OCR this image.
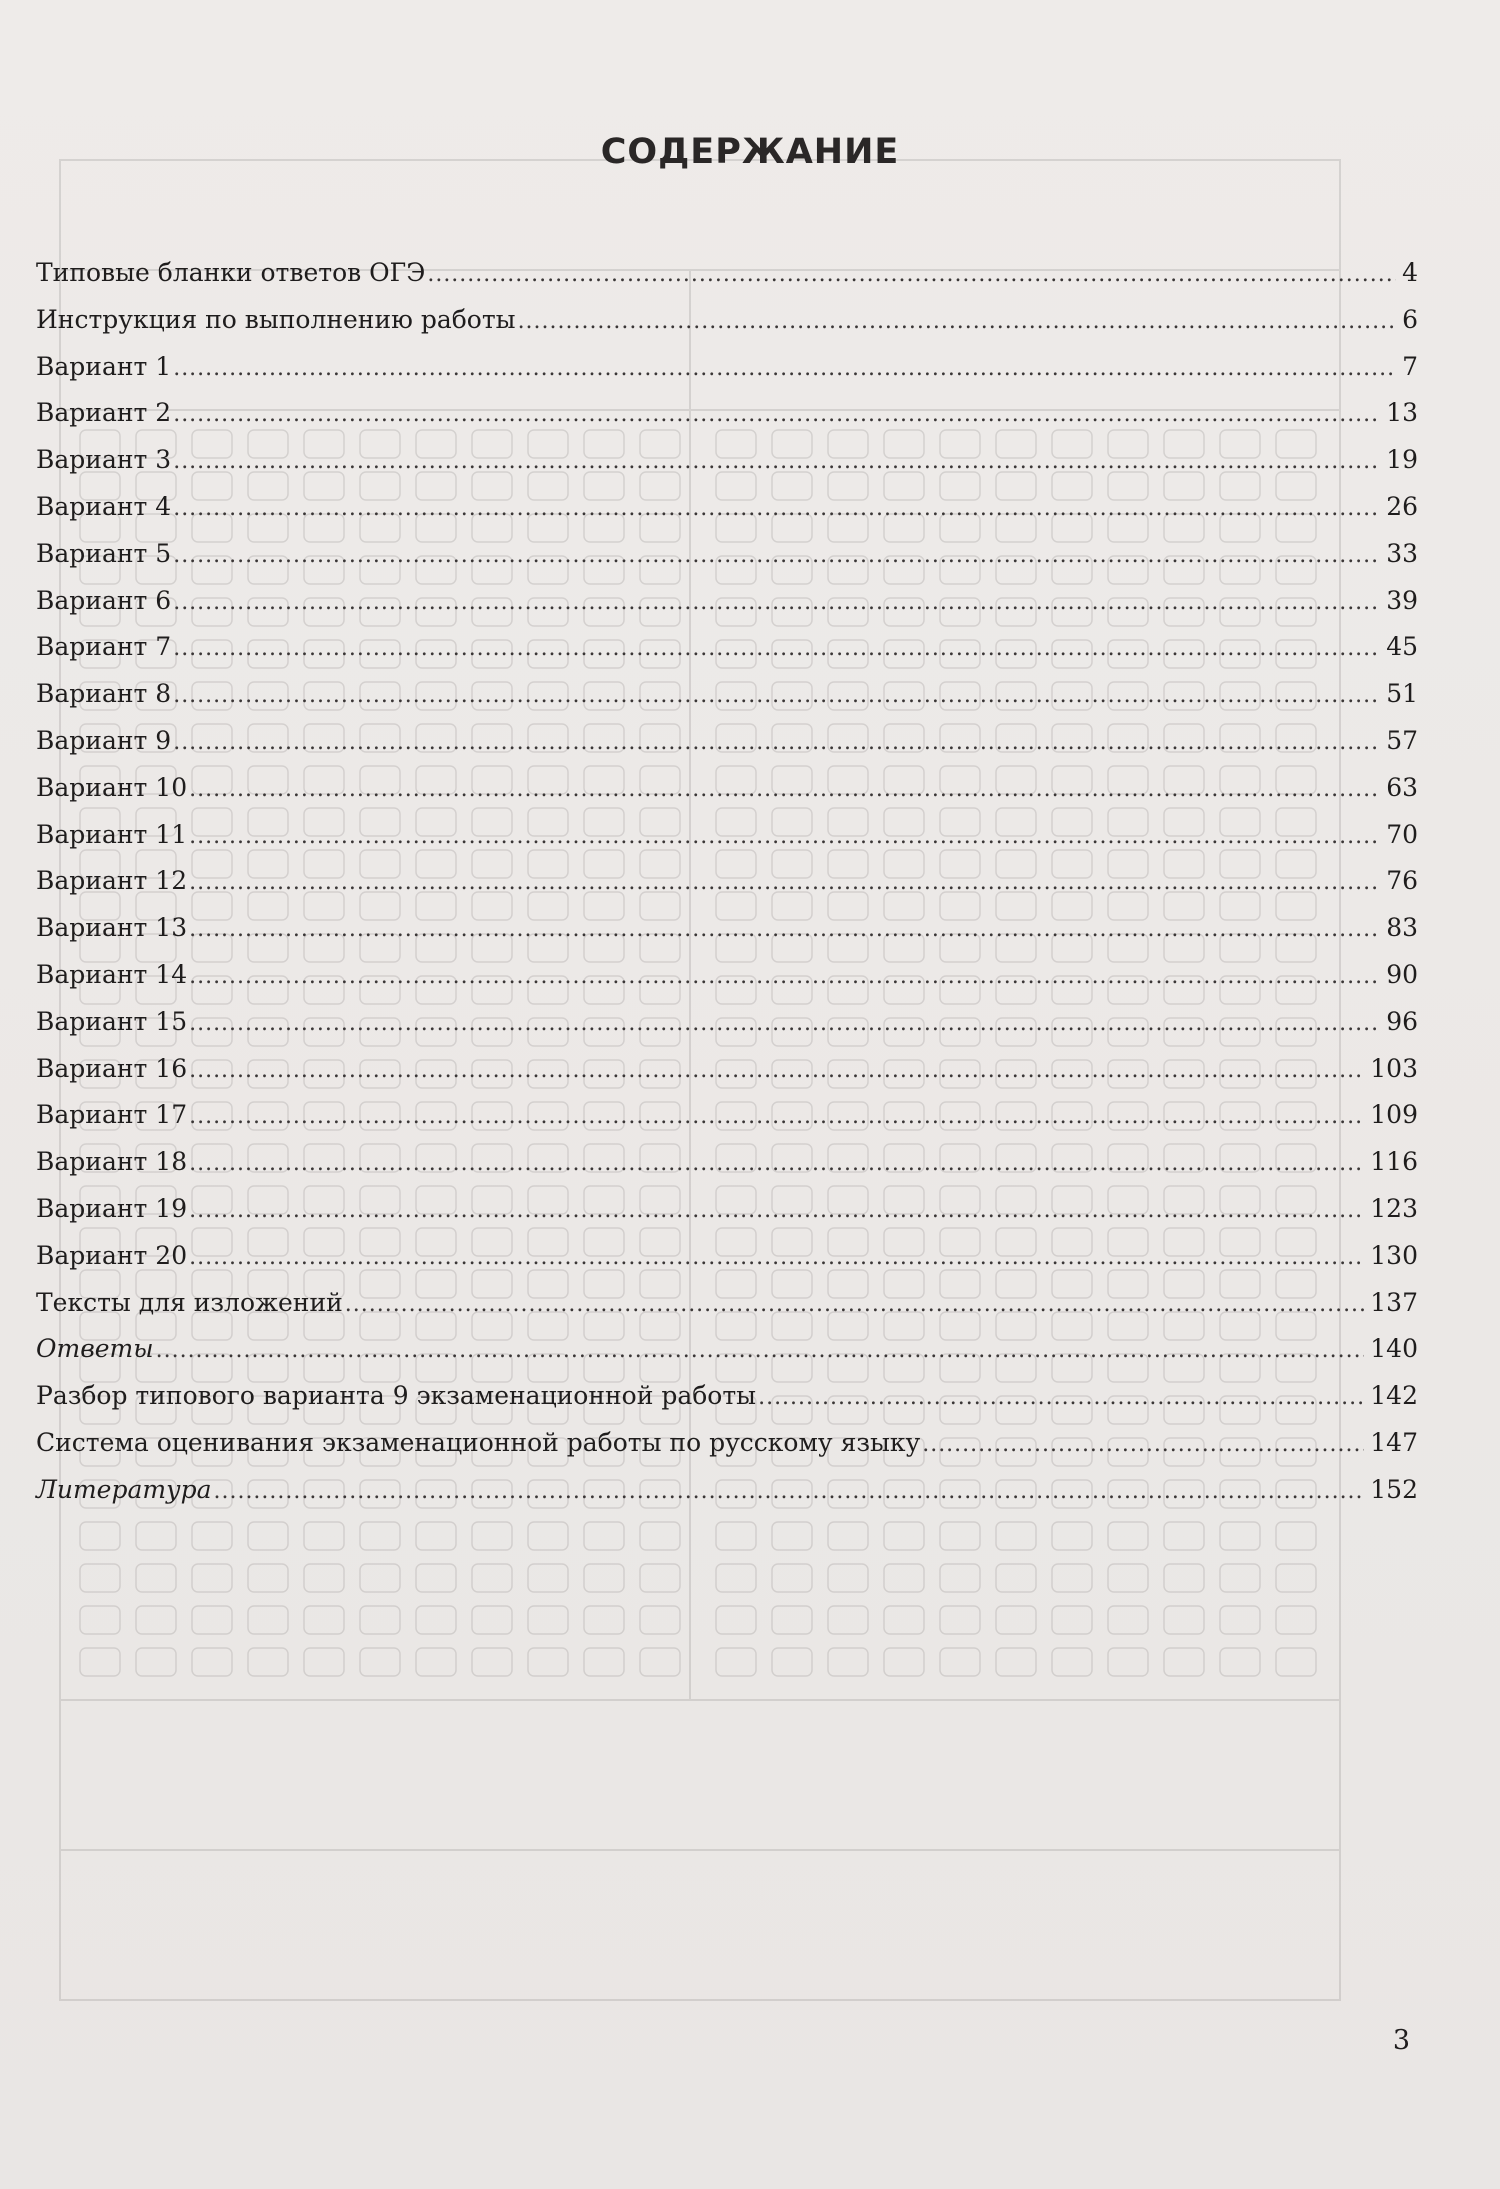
СОДЕРЖАНИЕ
Типовые бланки ответов ОГЭ . . .	4
Инструкция по выполнению работы . . .	6
Вариант 1 . . .	7
Вариант 2 . . .	13
Вариант 3 . . .	19
Вариант 4 . . .	26
Вариант 5 . . .	33
Вариант 6 . . .	39
Вариант 7 . . .	45
Вариант 8 . . .	51
Вариант 9 . . .	57
Вариант 10 . . .	63
Вариант 11 . . .	70
Вариант 12 . . .	76
Вариант 13 . . .	83
Вариант 14 . . .	90
Вариант 15 . . .	96
Вариант 16 . . .	103
Вариант 17 . . .	109
Вариант 18 . . .	116
Вариант 19 . . .	123
Вариант 20 . . .	130
Тексты для изложений . . .	137
Ответы . . .	140
Разбор типового варианта 9 экзаменационной работы . . .	142
Система оценивания экзаменационной работы по русскому языку . . .	147
Литература . . .	152
3
